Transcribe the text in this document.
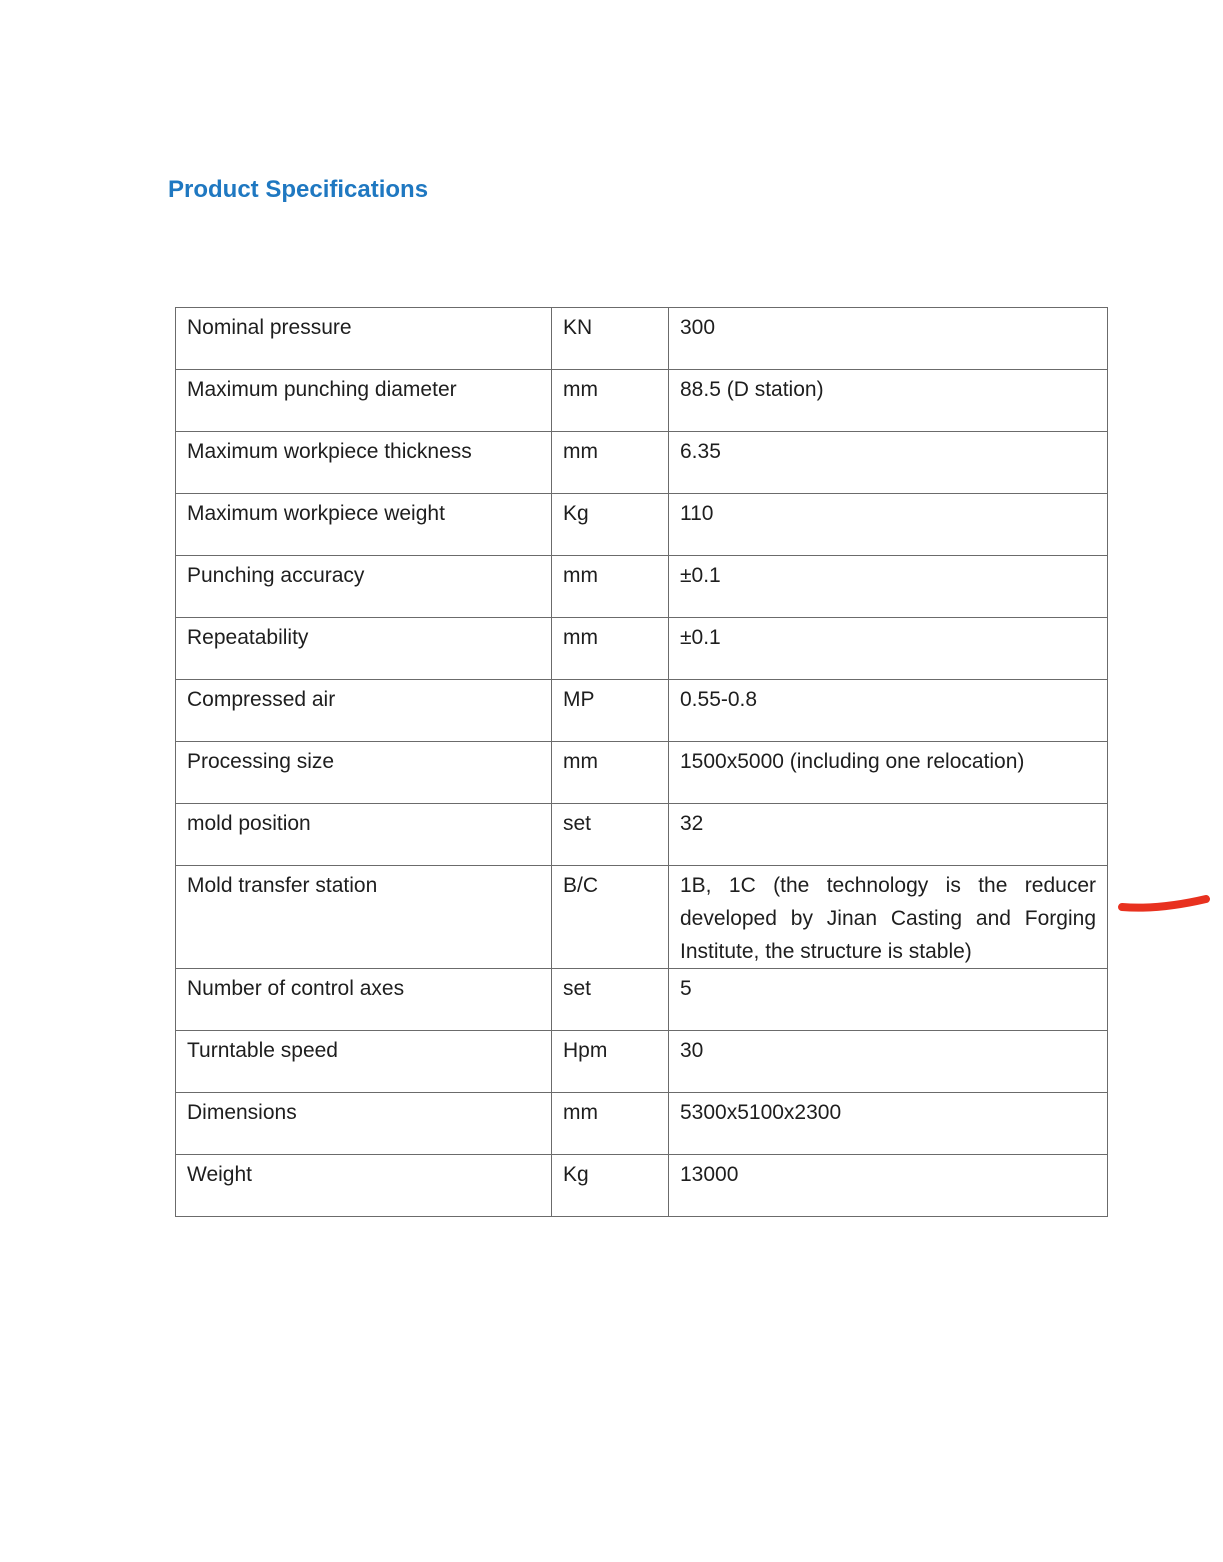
Product Specifications
Nominal pressure	KN	300
Maximum punching diameter	mm	88.5 (D station)
Maximum workpiece thickness	mm	6.35
Maximum workpiece weight	Kg	110
Punching accuracy	mm	±0.1
Repeatability	mm	±0.1
Compressed air	MP	0.55-0.8
Processing size	mm	1500x5000 (including one relocation)
mold position	set	32
Mold transfer station	B/C	1B, 1C (the technology is the reducer developed by Jinan Casting and Forging Institute, the structure is stable)
Number of control axes	set	5
Turntable speed	Hpm	30
Dimensions	mm	5300x5100x2300
Weight	Kg	13000
